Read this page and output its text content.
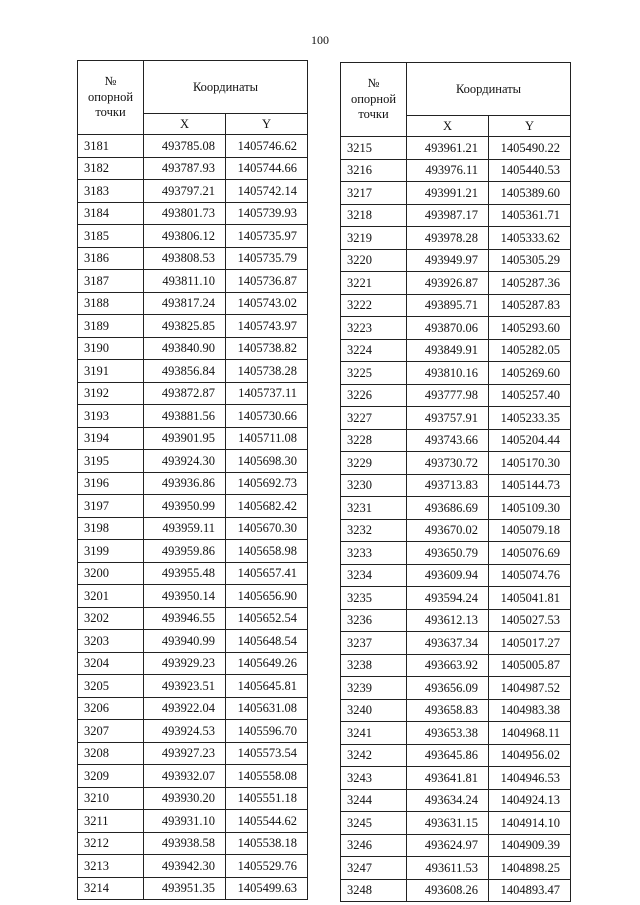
100
№ опорной точки	Координаты	
	X	Y
3181	493785.08	1405746.62
3182	493787.93	1405744.66
3183	493797.21	1405742.14
3184	493801.73	1405739.93
3185	493806.12	1405735.97
3186	493808.53	1405735.79
3187	493811.10	1405736.87
3188	493817.24	1405743.02
3189	493825.85	1405743.97
3190	493840.90	1405738.82
3191	493856.84	1405738.28
3192	493872.87	1405737.11
3193	493881.56	1405730.66
3194	493901.95	1405711.08
3195	493924.30	1405698.30
3196	493936.86	1405692.73
3197	493950.99	1405682.42
3198	493959.11	1405670.30
3199	493959.86	1405658.98
3200	493955.48	1405657.41
3201	493950.14	1405656.90
3202	493946.55	1405652.54
3203	493940.99	1405648.54
3204	493929.23	1405649.26
3205	493923.51	1405645.81
3206	493922.04	1405631.08
3207	493924.53	1405596.70
3208	493927.23	1405573.54
3209	493932.07	1405558.08
3210	493930.20	1405551.18
3211	493931.10	1405544.62
3212	493938.58	1405538.18
3213	493942.30	1405529.76
3214	493951.35	1405499.63
№ опорной точки	Координаты	
	X	Y
3215	493961.21	1405490.22
3216	493976.11	1405440.53
3217	493991.21	1405389.60
3218	493987.17	1405361.71
3219	493978.28	1405333.62
3220	493949.97	1405305.29
3221	493926.87	1405287.36
3222	493895.71	1405287.83
3223	493870.06	1405293.60
3224	493849.91	1405282.05
3225	493810.16	1405269.60
3226	493777.98	1405257.40
3227	493757.91	1405233.35
3228	493743.66	1405204.44
3229	493730.72	1405170.30
3230	493713.83	1405144.73
3231	493686.69	1405109.30
3232	493670.02	1405079.18
3233	493650.79	1405076.69
3234	493609.94	1405074.76
3235	493594.24	1405041.81
3236	493612.13	1405027.53
3237	493637.34	1405017.27
3238	493663.92	1405005.87
3239	493656.09	1404987.52
3240	493658.83	1404983.38
3241	493653.38	1404968.11
3242	493645.86	1404956.02
3243	493641.81	1404946.53
3244	493634.24	1404924.13
3245	493631.15	1404914.10
3246	493624.97	1404909.39
3247	493611.53	1404898.25
3248	493608.26	1404893.47
